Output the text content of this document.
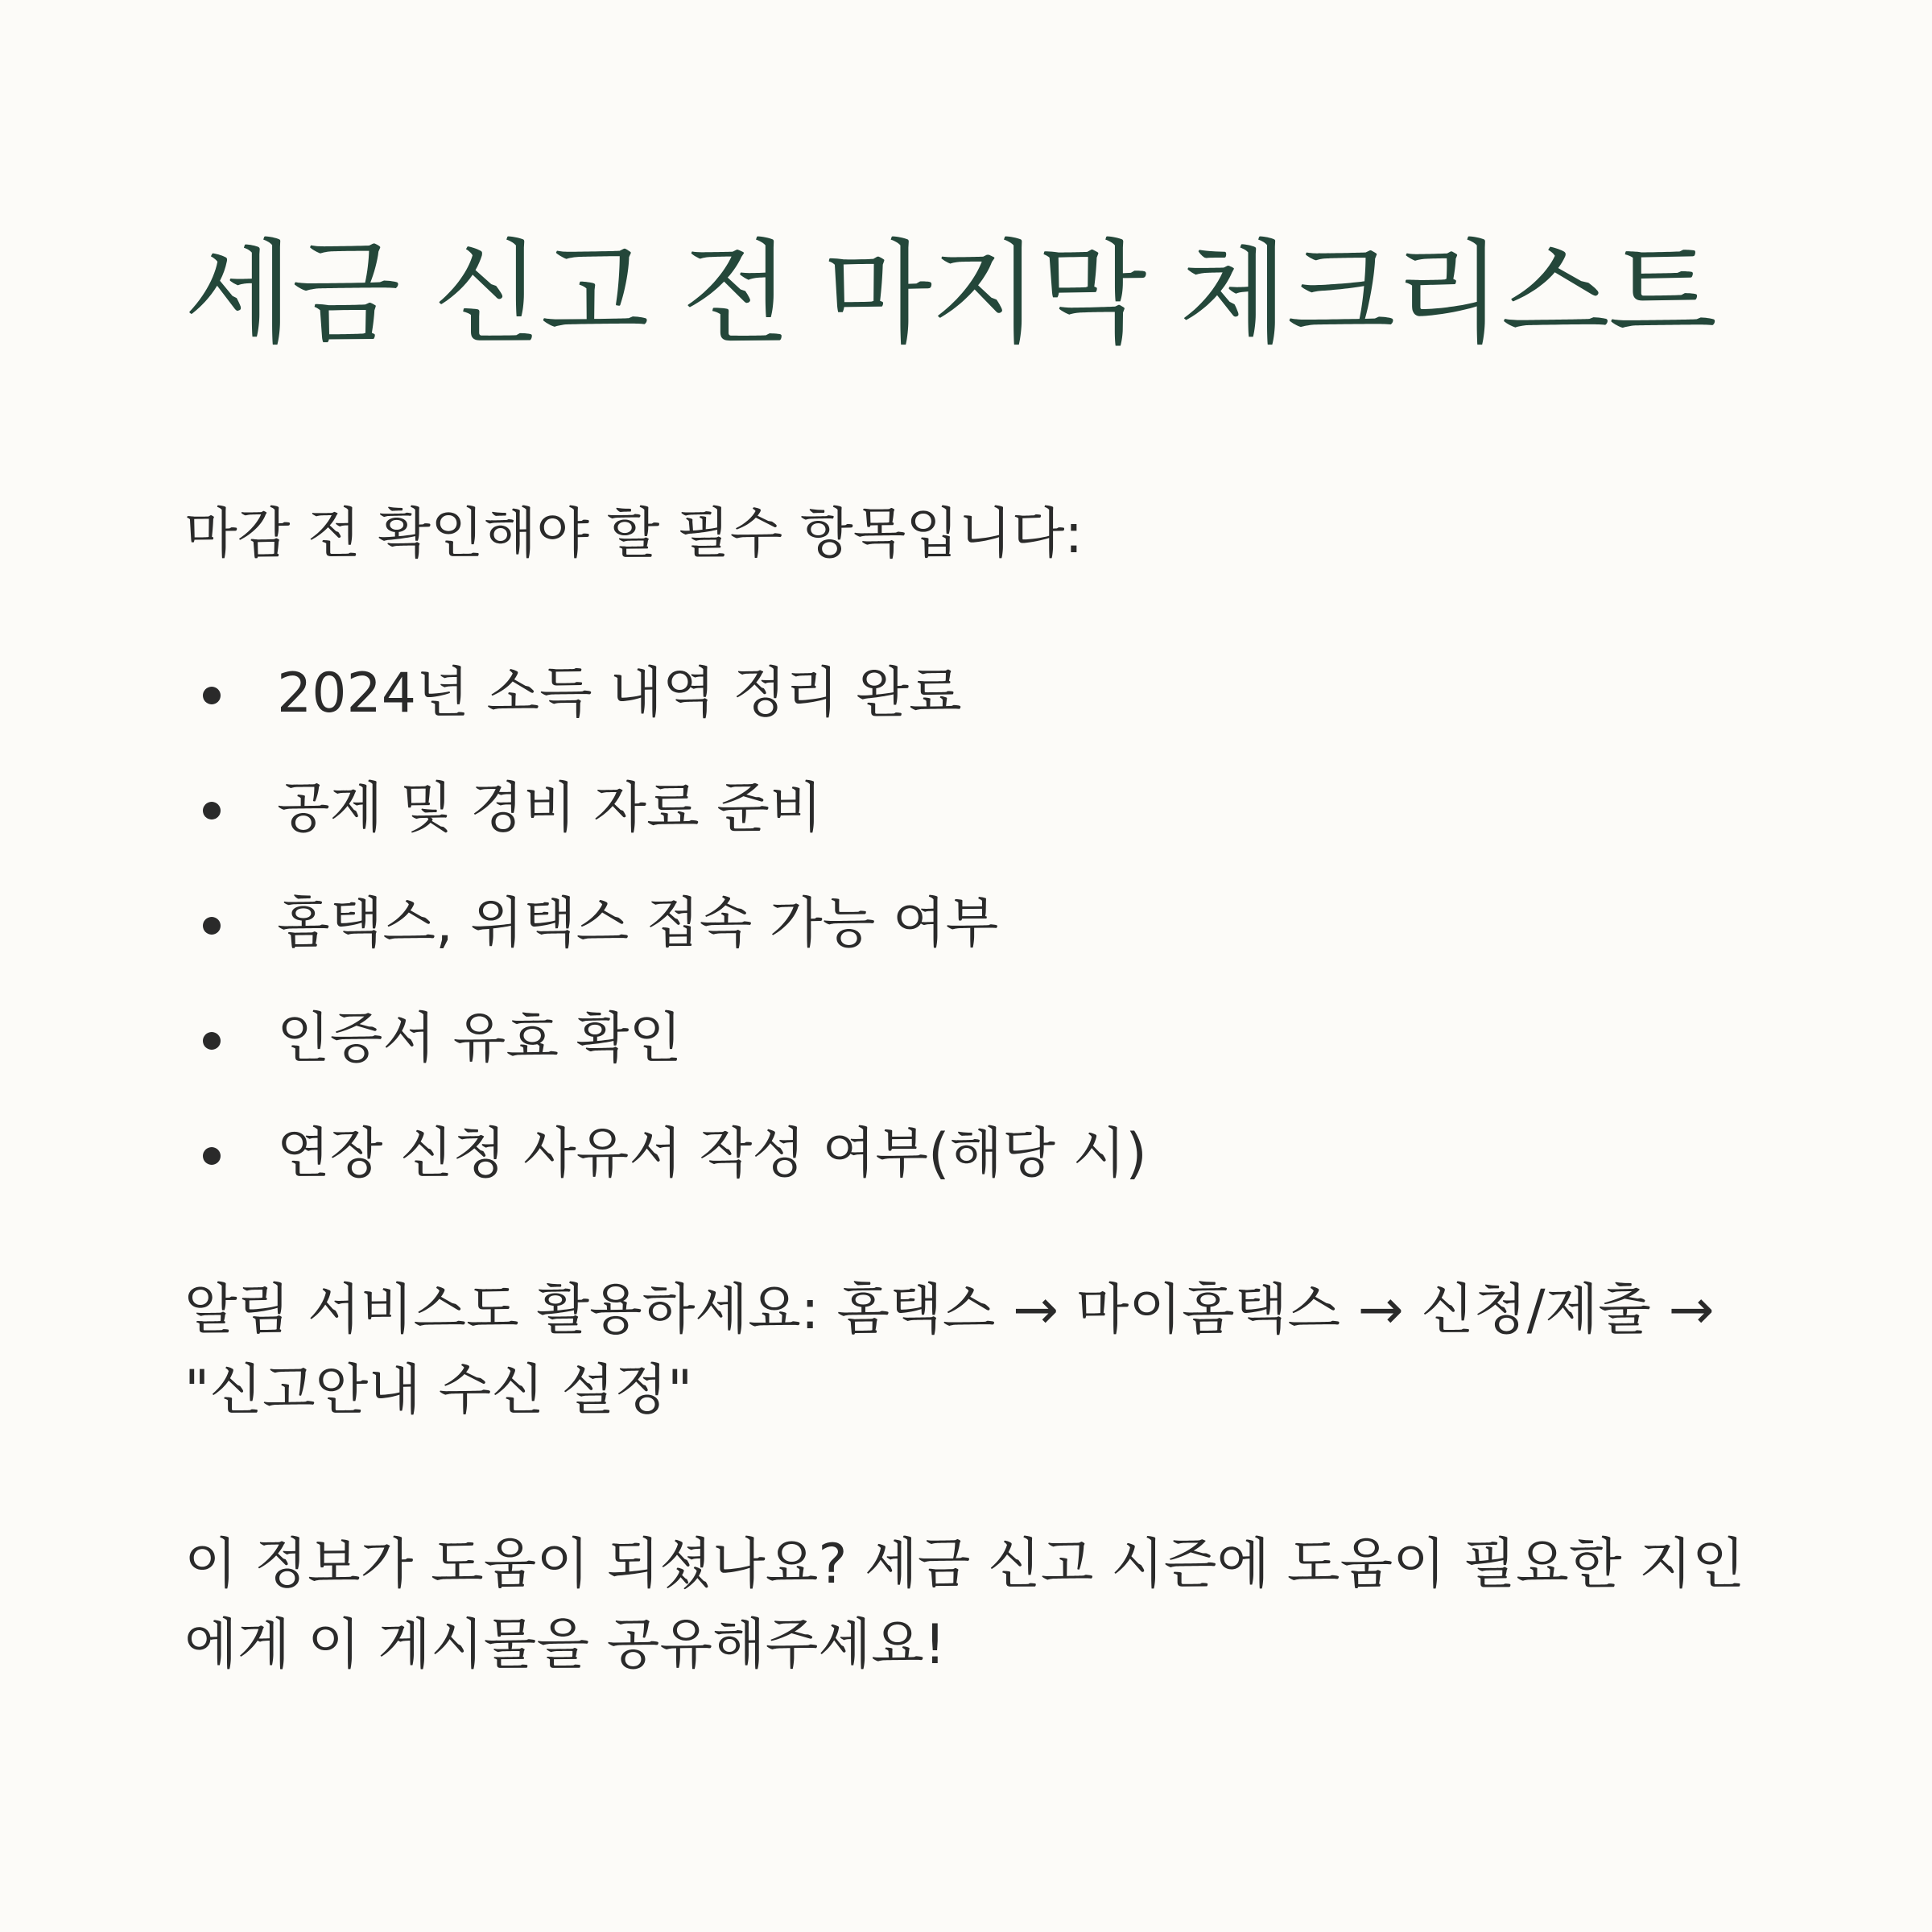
세금 신고 전 마지막 체크리스트

마감 전 확인해야 할 필수 항목입니다:

2024년 소득 내역 정리 완료
공제 및 경비 자료 준비
홈택스, 위택스 접속 가능 여부
인증서 유효 확인
연장 신청 사유서 작성 여부(해당 시)

알림 서비스도 활용하세요: 홈택스 → 마이홈택스 → 신청/제출 → "신고안내 수신 설정"

이 정보가 도움이 되셨나요? 세금 신고 시즌에 도움이 필요한 지인에게 이 게시물을 공유해주세요!
